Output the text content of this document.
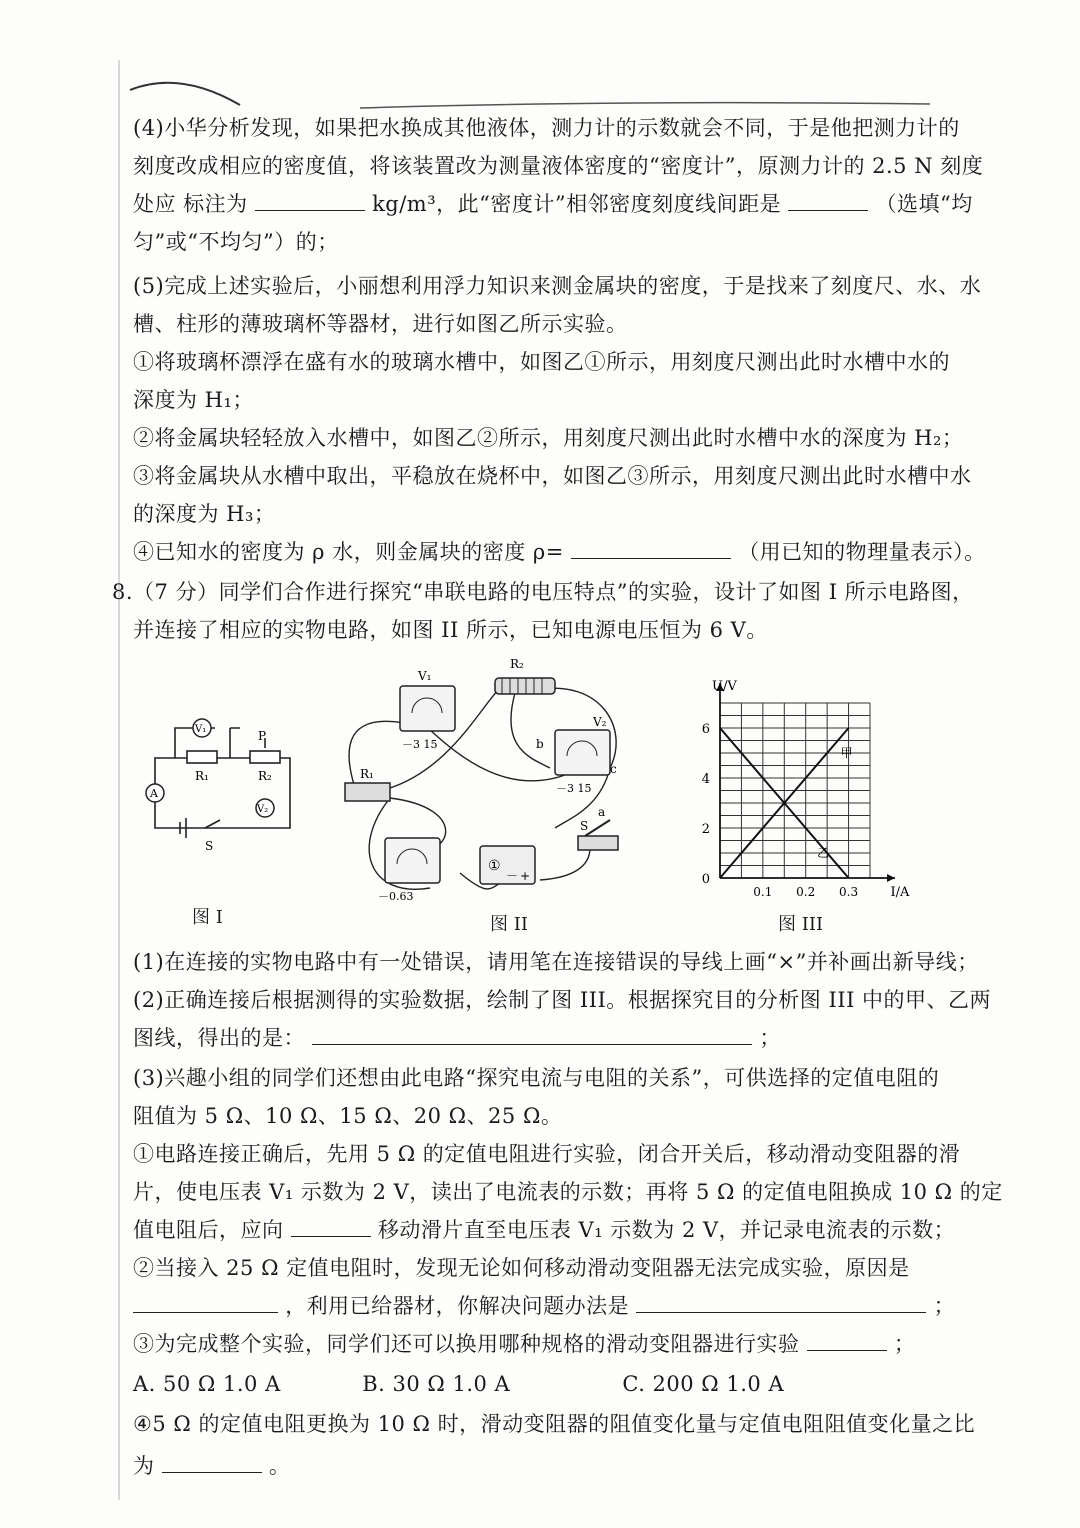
(4)小华分析发现，如果把水换成其他液体，测力计的示数就会不同，于是他把测力计的
刻度改成相应的密度值，将该装置改为测量液体密度的“密度计”，原测力计的 2.5 N 刻度
处应 标注为	kg/m³，此“密度计”相邻密度刻度线间距是	（选填“均
匀”或“不均匀”）的；
(5)完成上述实验后，小丽想利用浮力知识来测金属块的密度，于是找来了刻度尺、水、水
槽、柱形的薄玻璃杯等器材，进行如图乙所示实验。
①将玻璃杯漂浮在盛有水的玻璃水槽中，如图乙①所示，用刻度尺测出此时水槽中水的
深度为 H₁；
②将金属块轻轻放入水槽中，如图乙②所示，用刻度尺测出此时水槽中水的深度为 H₂；
③将金属块从水槽中取出，平稳放在烧杯中，如图乙③所示，用刻度尺测出此时水槽中水
的深度为 H₃；
④已知水的密度为 ρ 水，则金属块的密度 ρ=	（用已知的物理量表示）。
8.（7 分）同学们合作进行探究“串联电路的电压特点”的实验，设计了如图 I 所示电路图，
并连接了相应的实物电路，如图 II 所示，已知电源电压恒为 6 V。
V₁
A
V₂
R₁	R₂
P
S
图 I
V₁
－3 15
V₂
－3 15
R₂
R₁
－0.63
S
a
b
c
①
－ +
图 II
U/V
I/A
0
2
4
6
0.1 0.2 0.3
甲
乙
图 III
(1)在连接的实物电路中有一处错误，请用笔在连接错误的导线上画“×”并补画出新导线；
(2)正确连接后根据测得的实验数据，绘制了图 III。根据探究目的分析图 III 中的甲、乙两
图线，得出的是：	；
(3)兴趣小组的同学们还想由此电路“探究电流与电阻的关系”，可供选择的定值电阻的
阻值为 5 Ω、10 Ω、15 Ω、20 Ω、25 Ω。
①电路连接正确后，先用 5 Ω 的定值电阻进行实验，闭合开关后，移动滑动变阻器的滑
片，使电压表 V₁ 示数为 2 V，读出了电流表的示数；再将 5 Ω 的定值电阻换成 10 Ω 的定
值电阻后，应向	移动滑片直至电压表 V₁ 示数为 2 V，并记录电流表的示数；
②当接入 25 Ω 定值电阻时，发现无论如何移动滑动变阻器无法完成实验，原因是
，利用已给器材，你解决问题办法是	；
③为完成整个实验，同学们还可以换用哪种规格的滑动变阻器进行实验	；
A. 50 Ω 1.0 A	B. 30 Ω 1.0 A	C. 200 Ω 1.0 A
④5 Ω 的定值电阻更换为 10 Ω 时，滑动变阻器的阻值变化量与定值电阻阻值变化量之比
为	。
